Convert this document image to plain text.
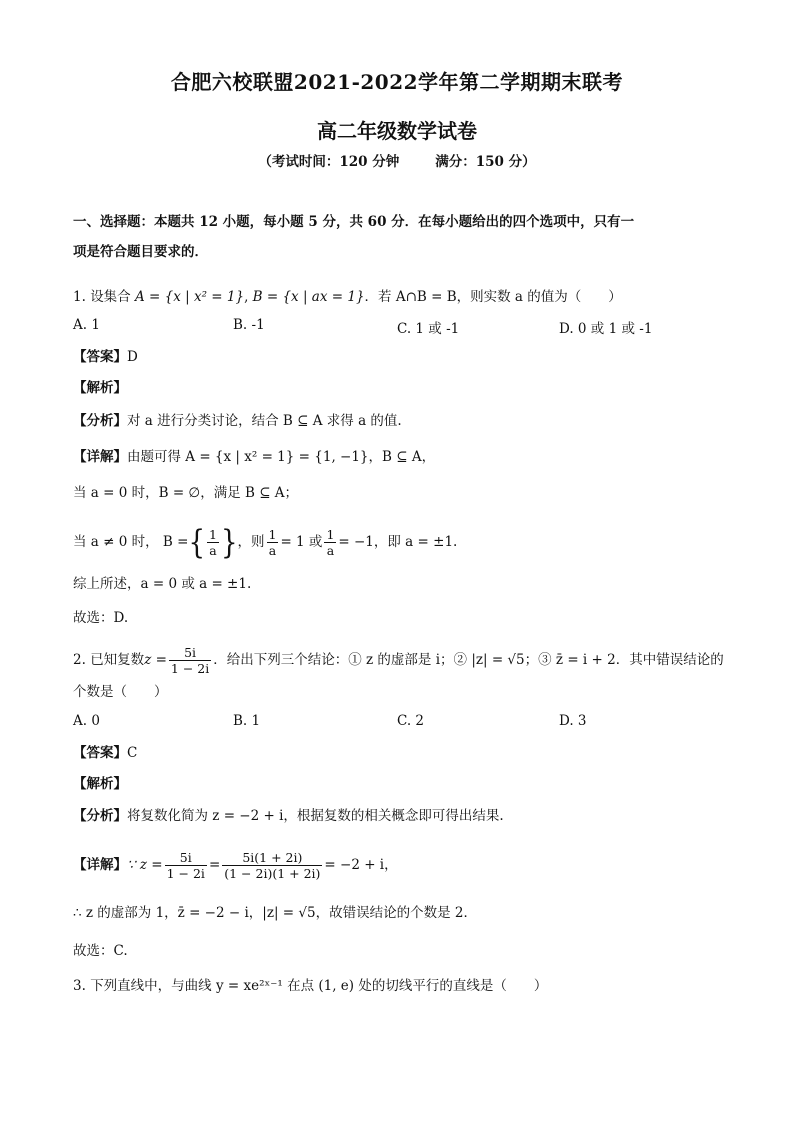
合肥六校联盟2021-2022学年第二学期期末联考
高二年级数学试卷
（考试时间：120 分钟	满分：150 分）
一、选择题：本题共 12 小题，每小题 5 分，共 60 分．在每小题给出的四个选项中，只有一
项是符合题目要求的．
1. 设集合 A = {x | x² = 1}, B = {x | ax = 1}．若 A∩B = B，则实数 a 的值为（　　）
A. 1	B. -1	C. 1 或 -1	D. 0 或 1 或 -1
【答案】D
【解析】
【分析】对 a 进行分类讨论，结合 B ⊆ A 求得 a 的值.
【详解】由题可得 A = {x | x² = 1} = {1, −1}，B ⊆ A，
当 a = 0 时，B = ∅，满足 B ⊆ A；
当 a ≠ 0 时， B ={ $\frac{1}{a}$ }，则 $\frac{1}{a} = 1$ 或 $\frac{1}{a} = -1$，即 a = ±1.
综上所述，a = 0 或 a = ±1.
故选：D.
2. 已知复数$z = \frac{5i}{1 - 2i}$ ．给出下列三个结论：① z 的虚部是 i；② |z| = √5；③ z̄ = i + 2．其中错误结论的
个数是（　　）
A. 0	B. 1	C. 2	D. 3
【答案】C
【解析】
【分析】将复数化简为 z = −2 + i，根据复数的相关概念即可得出结果.
【详解】∵ $z = \frac{5i}{1 - 2i} = \frac{5i(1 + 2i)}{(1 - 2i)(1 + 2i)} = -2 + i$，
∴ z 的虚部为 1，z̄ = −2 − i，|z| = √5，故错误结论的个数是 2．
故选：C.
3. 下列直线中，与曲线 y = xe²ˣ⁻¹ 在点 (1, e) 处的切线平行的直线是（　　）
